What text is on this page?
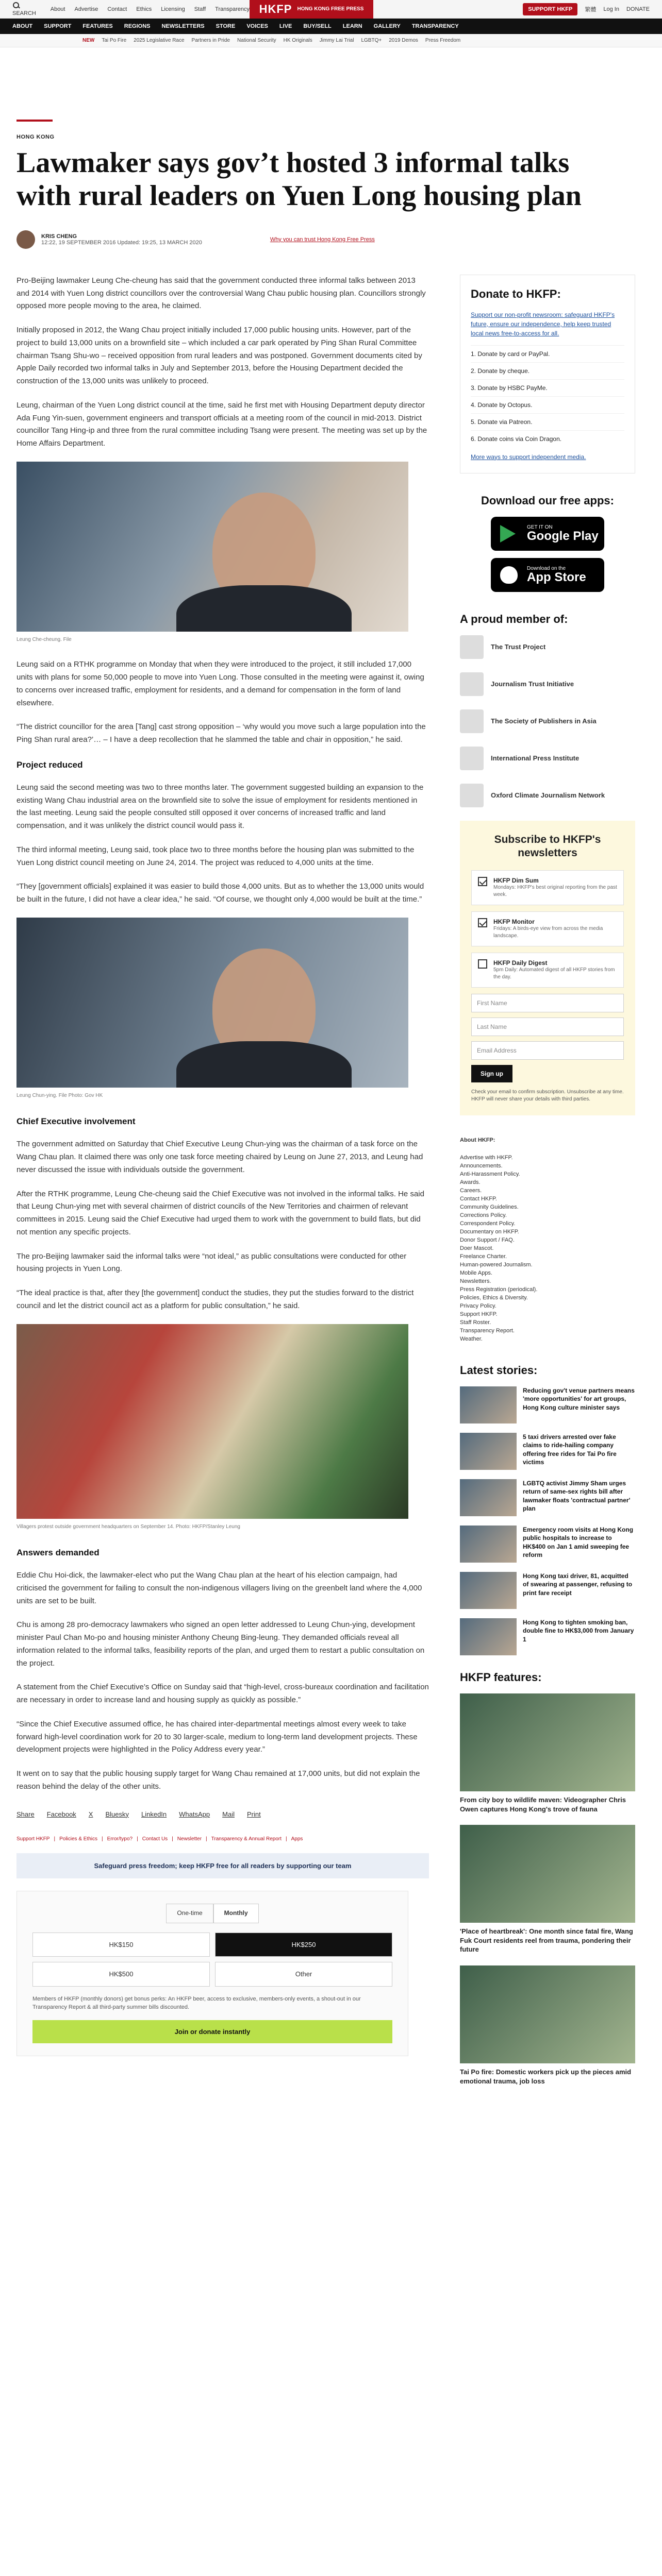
SEARCH
About Advertise Contact Ethics Licensing Staff Transparency HKFP HONG KONG FREE PRESS	SUPPORT HKFP	繁體 Log In DONATE
ABOUT SUPPORT FEATURES REGIONS NEWSLETTERS STORE VOICES LIVE BUY/SELL LEARN GALLERY TRANSPARENCY
NEW Tai Po Fire 2025 Legislative Race Partners in Pride National Security HK Originals Jimmy Lai Trial LGBTQ+ 2019 Demos Press Freedom
HONG KONG
Lawmaker says gov’t hosted 3 informal talks with rural leaders on Yuen Long housing plan
KRIS CHENG
12:22, 19 SEPTEMBER 2016 Updated: 19:25, 13 MARCH 2020	Why you can trust Hong Kong Free Press

Pro-Beijing lawmaker Leung Che-cheung has said that the government conducted three informal talks between 2013 and 2014 with Yuen Long district councillors over the controversial Wang Chau public housing plan. Councillors strongly opposed more people moving to the area, he claimed.

Initially proposed in 2012, the Wang Chau project initially included 17,000 public housing units. However, part of the project to build 13,000 units on a brownfield site – which included a car park operated by Ping Shan Rural Committee chairman Tsang Shu-wo – received opposition from rural leaders and was postponed. Government documents cited by Apple Daily recorded two informal talks in July and September 2013, before the Housing Department decided the construction of the 13,000 units was unlikely to proceed.

Leung, chairman of the Yuen Long district council at the time, said he first met with Housing Department deputy director Ada Fung Yin-suen, government engineers and transport officials at a meeting room of the council in mid-2013. District councillor Tang Hing-ip and three from the rural committee including Tsang were present. The meeting was set up by the Home Affairs Department.

Leung Che-cheung. File

Leung said on a RTHK programme on Monday that when they were introduced to the project, it still included 17,000 units with plans for some 50,000 people to move into Yuen Long. Those consulted in the meeting were against it, owing to concerns over increased traffic, employment for residents, and a demand for compensation in the form of land elsewhere.

“The district councillor for the area [Tang] cast strong opposition – ‘why would you move such a large population into the Ping Shan rural area?’… – I have a deep recollection that he slammed the table and chair in opposition,” he said.

Project reduced

Leung said the second meeting was two to three months later. The government suggested building an expansion to the existing Wang Chau industrial area on the brownfield site to solve the issue of employment for residents mentioned in the last meeting. Leung said the people consulted still opposed it over concerns of increased traffic and land compensation, and it was unlikely the district council would pass it.

The third informal meeting, Leung said, took place two to three months before the housing plan was submitted to the Yuen Long district council meeting on June 24, 2014. The project was reduced to 4,000 units at the time.

“They [government officials] explained it was easier to build those 4,000 units. But as to whether the 13,000 units would be built in the future, I did not have a clear idea,” he said. “Of course, we thought only 4,000 would be built at the time.”

Leung Chun-ying. File Photo: Gov HK
Chief Executive involvement

The government admitted on Saturday that Chief Executive Leung Chun-ying was the chairman of a task force on the Wang Chau plan. It claimed there was only one task force meeting chaired by Leung on June 27, 2013, and Leung had never discussed the issue with individuals outside the government.

After the RTHK programme, Leung Che-cheung said the Chief Executive was not involved in the informal talks. He said that Leung Chun-ying met with several chairmen of district councils of the New Territories and chairmen of relevant committees in 2015. Leung said the Chief Executive had urged them to work with the government to build flats, but did not mention any specific projects.

The pro-Beijing lawmaker said the informal talks were “not ideal,” as public consultations were conducted for other housing projects in Yuen Long.

“The ideal practice is that, after they [the government] conduct the studies, they put the studies forward to the district council and let the district council act as a platform for public consultation,” he said.

Villagers protest outside government headquarters on September 14. Photo: HKFP/Stanley Leung
Answers demanded

Eddie Chu Hoi-dick, the lawmaker-elect who put the Wang Chau plan at the heart of his election campaign, had criticised the government for failing to consult the non-indigenous villagers living on the greenbelt land where the 4,000 units are set to be built.

Chu is among 28 pro-democracy lawmakers who signed an open letter addressed to Leung Chun-ying, development minister Paul Chan Mo-po and housing minister Anthony Cheung Bing-leung. They demanded officials reveal all information related to the informal talks, feasibility reports of the plan, and urged them to restart a public consultation on the project.

A statement from the Chief Executive’s Office on Sunday said that “high-level, cross-bureaux coordination and facilitation are necessary in order to increase land and housing supply as quickly as possible.”

“Since the Chief Executive assumed office, he has chaired inter-departmental meetings almost every week to take forward high-level coordination work for 20 to 30 larger-scale, medium to long-term land development projects. These development projects were highlighted in the Policy Address every year.”

It went on to say that the public housing supply target for Wang Chau remained at 17,000 units, but did not explain the reason behind the delay of the other units.

Share Facebook X Bluesky LinkedIn WhatsApp Mail Print
Support HKFP | Policies & Ethics | Error/typo? | Contact Us | Newsletter | Transparency & Annual Report | Apps
Safeguard press freedom; keep HKFP free for all readers by supporting our team
One-time	Monthly
HK$150	HK$250
HK$500	Other
Members of HKFP (monthly donors) get bonus perks: An HKFP beer, access to exclusive, members-only events, a shout-out in our Transparency Report & all third-party summer bills discounted.
Join or donate instantly
Donate to HKFP:

Support our non-profit newsroom: safeguard HKFP's future, ensure our independence, help keep trusted local news free-to-access for all.

1. Donate by card or PayPal.
2. Donate by cheque.
3. Donate by HSBC PayMe.
4. Donate by Octopus.
5. Donate via Patreon.
6. Donate coins via Coin Dragon.
More ways to support independent media.
Download our free apps:
GET IT ON
Google Play
Download on the
App Store
A proud member of:
The Trust Project
Journalism Trust Initiative
The Society of Publishers in Asia
International Press Institute
Oxford Climate Journalism Network
Subscribe to HKFP's newsletters
HKFP Dim Sum
Mondays: HKFP's best original reporting from the past week.
HKFP Monitor
Fridays: A birds-eye view from across the media landscape.
HKFP Daily Digest
5pm Daily: Automated digest of all HKFP stories from the day.
First Name
Last Name
Email Address
Sign up
Check your email to confirm subscription. Unsubscribe at any time. HKFP will never share your details with third parties.
About HKFP:
Advertise with HKFP.
Announcements.
Anti-Harassment Policy.
Awards.
Careers.
Contact HKFP.
Community Guidelines.
Corrections Policy.
Correspondent Policy.
Documentary on HKFP.
Donor Support / FAQ.
Doer Mascot.
Freelance Charter.
Human-powered Journalism.
Mobile Apps.
Newsletters.
Press Registration (periodical).
Policies, Ethics & Diversity.
Privacy Policy.
Support HKFP.
Staff Roster.
Transparency Report.
Weather.
Latest stories:
Reducing gov't venue partners means 'more opportunities' for art groups, Hong Kong culture minister says
5 taxi drivers arrested over fake claims to ride-hailing company offering free rides for Tai Po fire victims
LGBTQ activist Jimmy Sham urges return of same-sex rights bill after lawmaker floats 'contractual partner' plan
Emergency room visits at Hong Kong public hospitals to increase to HK$400 on Jan 1 amid sweeping fee reform
Hong Kong taxi driver, 81, acquitted of swearing at passenger, refusing to print fare receipt
Hong Kong to tighten smoking ban, double fine to HK$3,000 from January 1
HKFP features:
From city boy to wildlife maven: Videographer Chris Owen captures Hong Kong's trove of fauna
'Place of heartbreak': One month since fatal fire, Wang Fuk Court residents reel from trauma, pondering their future
Tai Po fire: Domestic workers pick up the pieces amid emotional trauma, job loss
